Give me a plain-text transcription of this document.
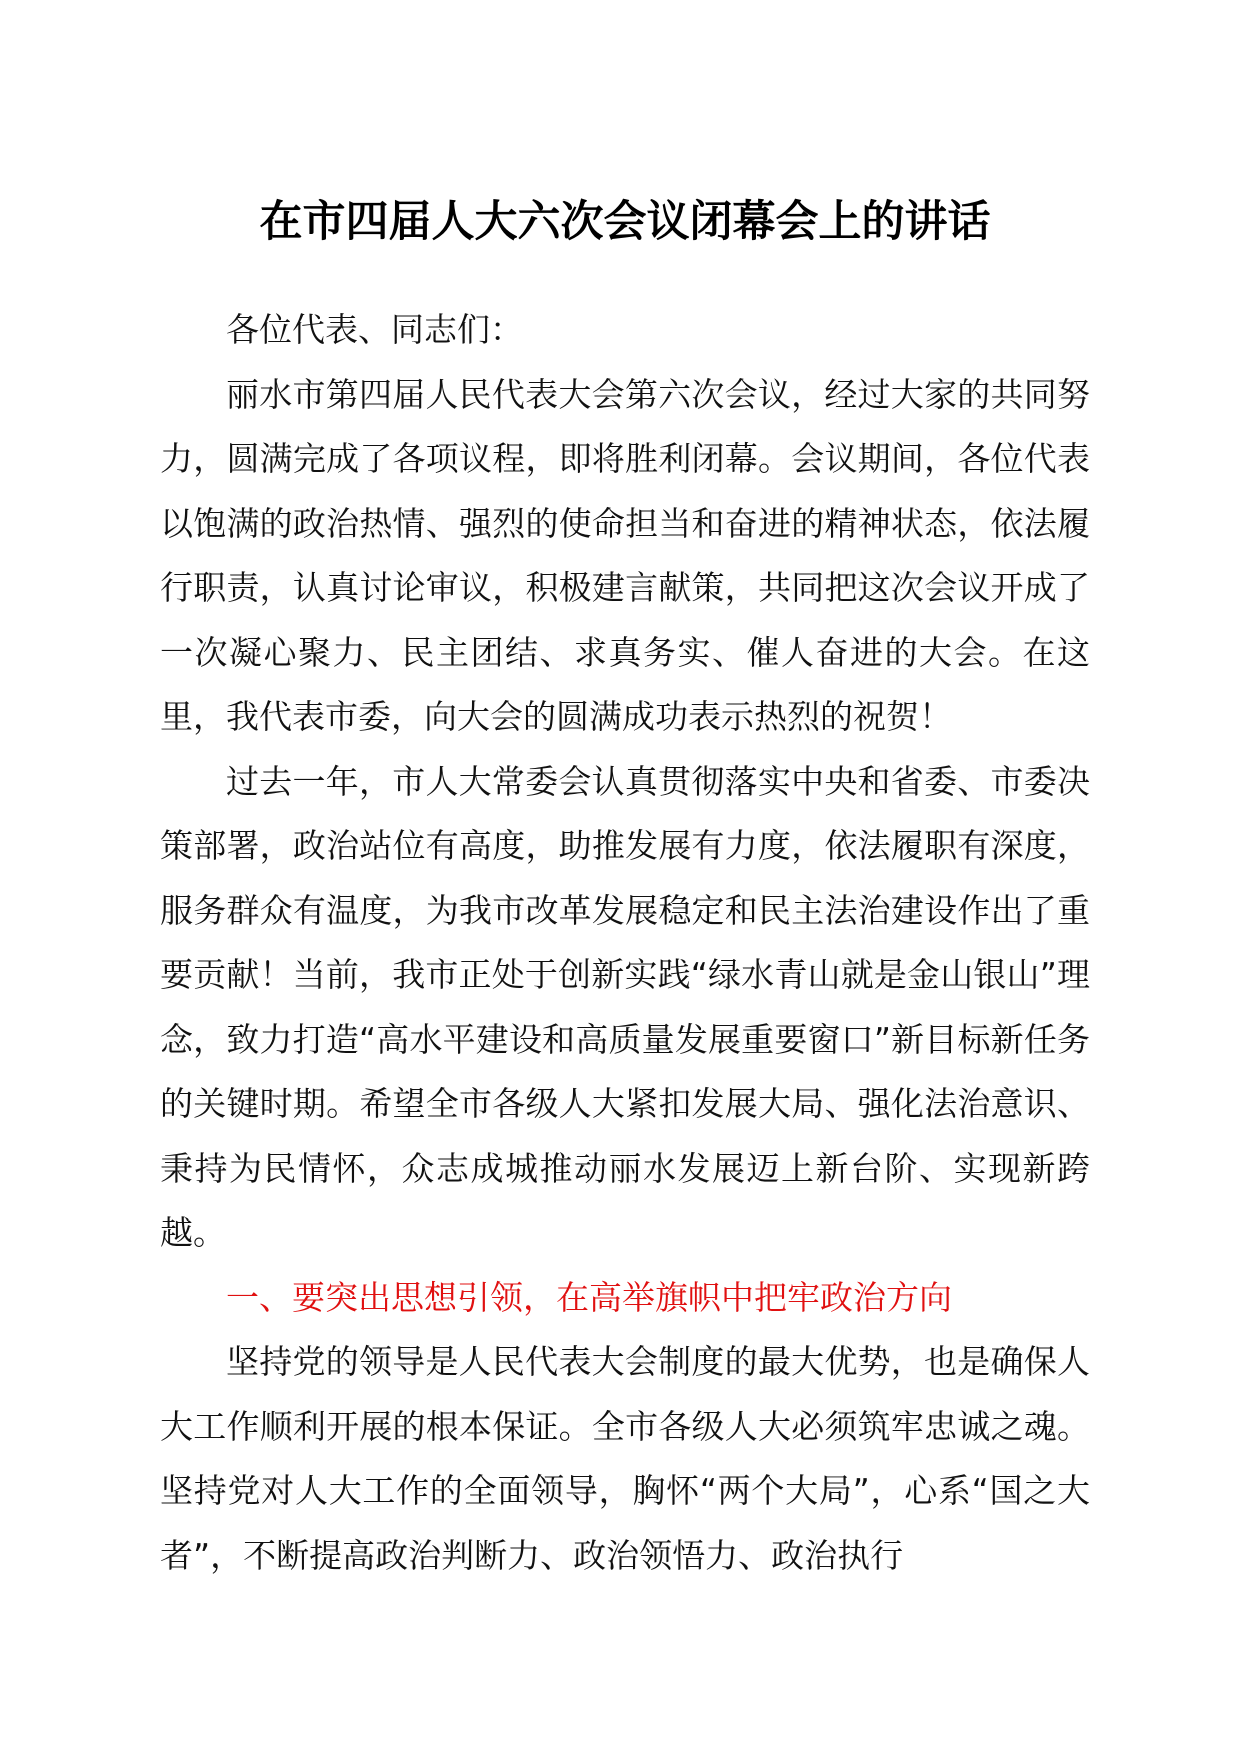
在市四届人大六次会议闭幕会上的讲话

各位代表、同志们：

丽水市第四届人民代表大会第六次会议，经过大家的共同努力，圆满完成了各项议程，即将胜利闭幕。会议期间，各位代表以饱满的政治热情、强烈的使命担当和奋进的精神状态，依法履行职责，认真讨论审议，积极建言献策，共同把这次会议开成了一次凝心聚力、民主团结、求真务实、催人奋进的大会。在这里，我代表市委，向大会的圆满成功表示热烈的祝贺！

过去一年，市人大常委会认真贯彻落实中央和省委、市委决策部署，政治站位有高度，助推发展有力度，依法履职有深度，服务群众有温度，为我市改革发展稳定和民主法治建设作出了重要贡献！当前，我市正处于创新实践“绿水青山就是金山银山”理念，致力打造“高水平建设和高质量发展重要窗口”新目标新任务的关键时期。希望全市各级人大紧扣发展大局、强化法治意识、秉持为民情怀，众志成城推动丽水发展迈上新台阶、实现新跨越。

一、要突出思想引领，在高举旗帜中把牢政治方向

坚持党的领导是人民代表大会制度的最大优势，也是确保人大工作顺利开展的根本保证。全市各级人大必须筑牢忠诚之魂。坚持党对人大工作的全面领导，胸怀“两个大局”，心系“国之大者”，不断提高政治判断力、政治领悟力、政治执行
